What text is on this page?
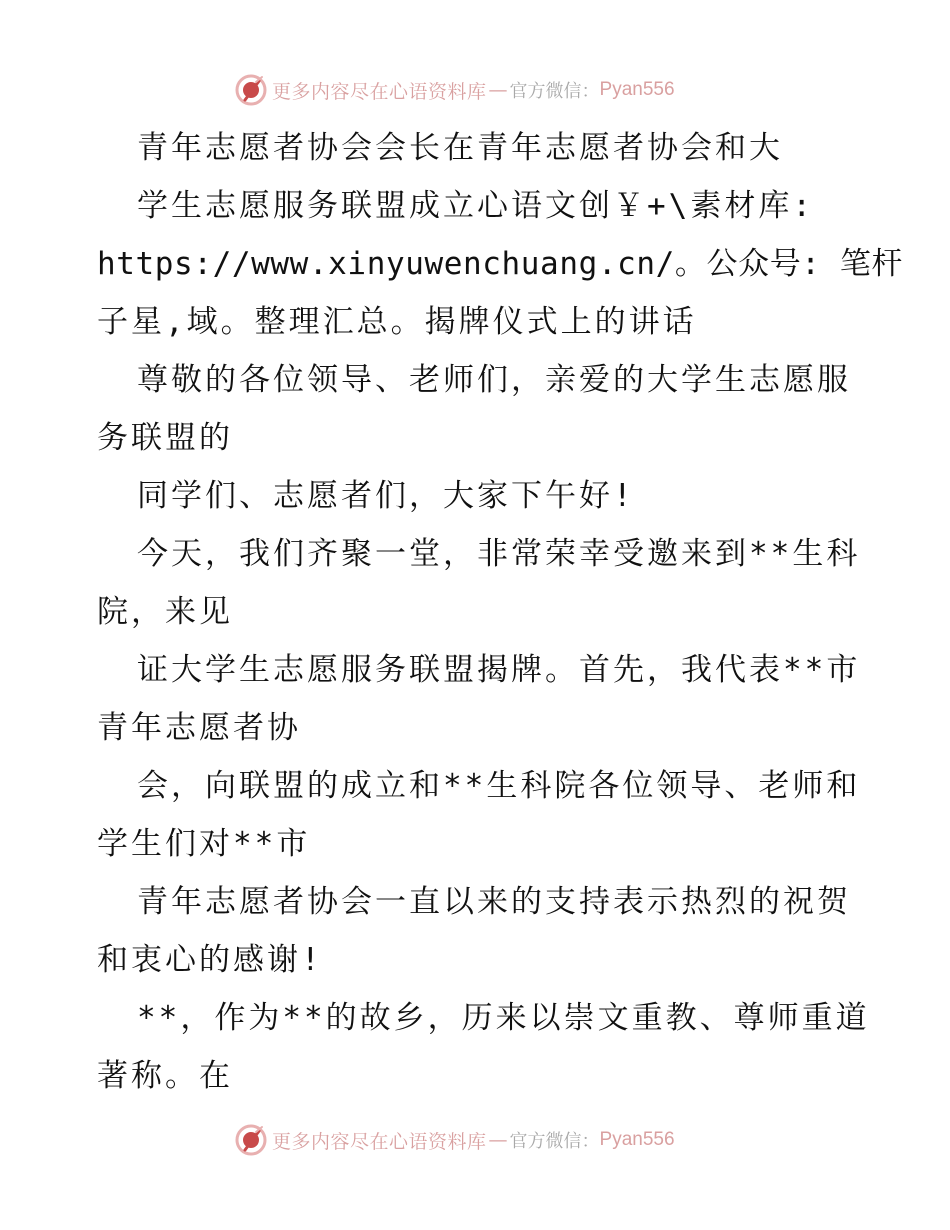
更多内容尽在心语资料库 — 官方微信： Pyan556
青年志愿者协会会长在青年志愿者协会和大
学生志愿服务联盟成立心语文创￥+\素材库:
https://www.xinyuwenchuang.cn/。公众号: 笔杆
子星,域。整理汇总。揭牌仪式上的讲话
尊敬的各位领导、老师们，亲爱的大学生志愿服
务联盟的
同学们、志愿者们，大家下午好!
今天，我们齐聚一堂，非常荣幸受邀来到**生科
院，来见
证大学生志愿服务联盟揭牌。首先，我代表**市
青年志愿者协
会，向联盟的成立和**生科院各位领导、老师和
学生们对**市
青年志愿者协会一直以来的支持表示热烈的祝贺
和衷心的感谢!
**，作为**的故乡，历来以崇文重教、尊师重道
著称。在
更多内容尽在心语资料库 — 官方微信： Pyan556
